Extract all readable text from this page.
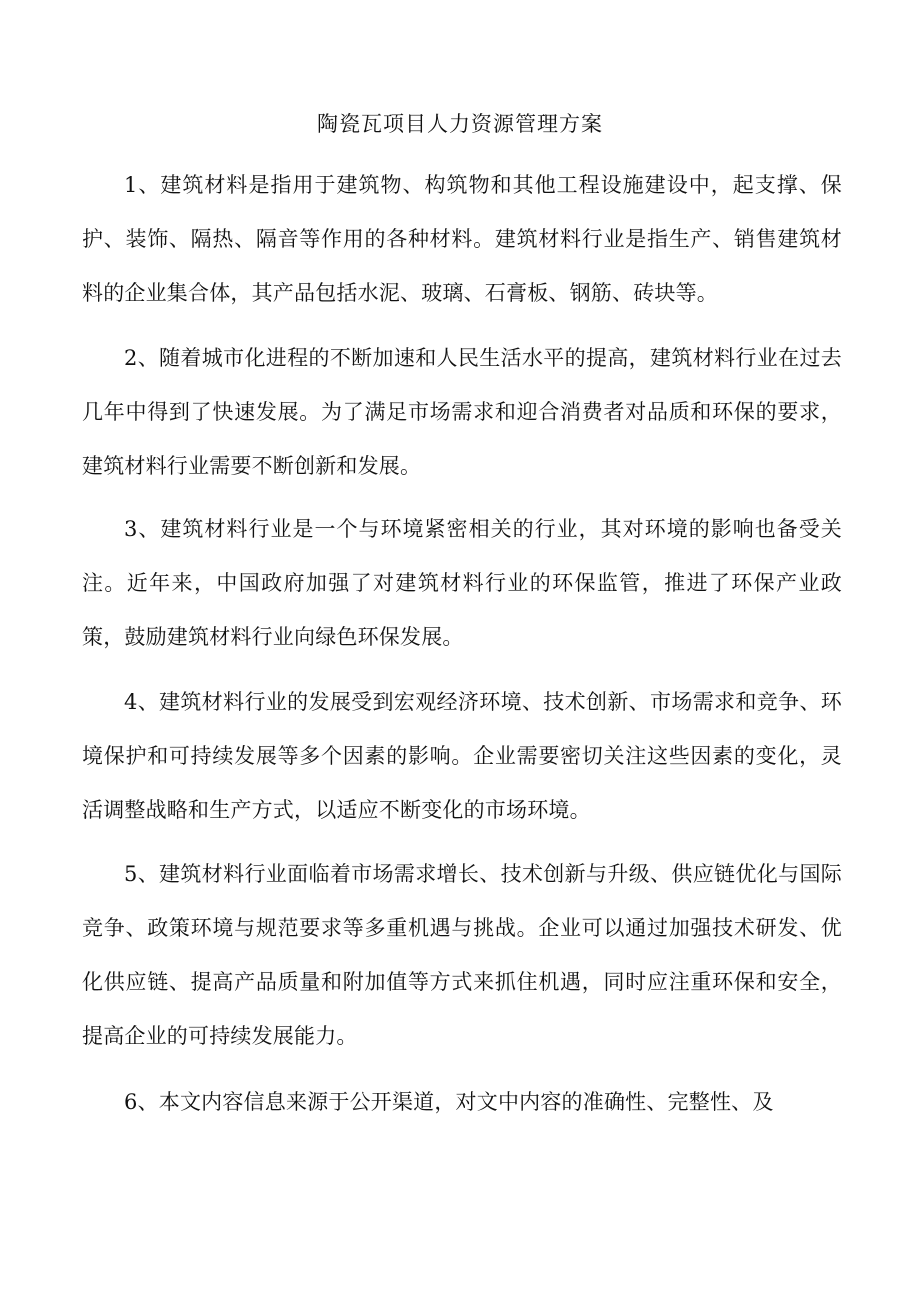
陶瓷瓦项目人力资源管理方案

1、建筑材料是指用于建筑物、构筑物和其他工程设施建设中，起支撑、保护、装饰、隔热、隔音等作用的各种材料。建筑材料行业是指生产、销售建筑材料的企业集合体，其产品包括水泥、玻璃、石膏板、钢筋、砖块等。

2、随着城市化进程的不断加速和人民生活水平的提高，建筑材料行业在过去几年中得到了快速发展。为了满足市场需求和迎合消费者对品质和环保的要求，建筑材料行业需要不断创新和发展。

3、建筑材料行业是一个与环境紧密相关的行业，其对环境的影响也备受关注。近年来，中国政府加强了对建筑材料行业的环保监管，推进了环保产业政策，鼓励建筑材料行业向绿色环保发展。

4、建筑材料行业的发展受到宏观经济环境、技术创新、市场需求和竞争、环境保护和可持续发展等多个因素的影响。企业需要密切关注这些因素的变化，灵活调整战略和生产方式，以适应不断变化的市场环境。

5、建筑材料行业面临着市场需求增长、技术创新与升级、供应链优化与国际竞争、政策环境与规范要求等多重机遇与挑战。企业可以通过加强技术研发、优化供应链、提高产品质量和附加值等方式来抓住机遇，同时应注重环保和安全，提高企业的可持续发展能力。

6、本文内容信息来源于公开渠道，对文中内容的准确性、完整性、及
